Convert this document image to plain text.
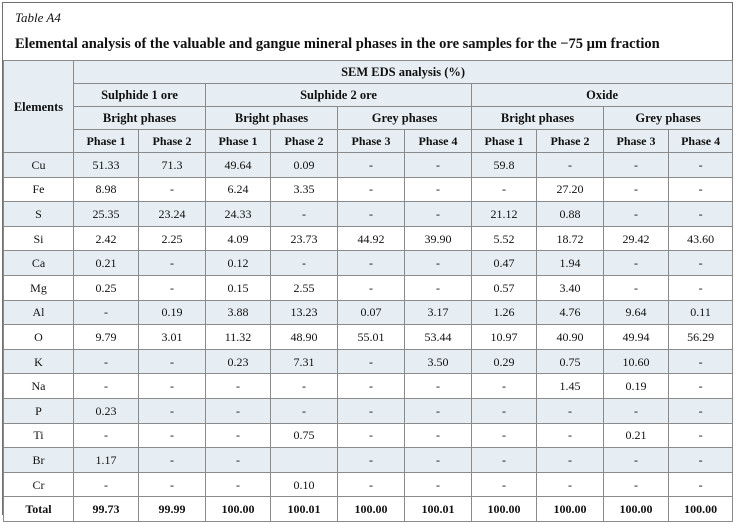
Table A4
Elemental analysis of the valuable and gangue mineral phases in the ore samples for the −75 μm fraction
Elements	SEM EDS analysis (%)									
	Sulphide 1 ore		Sulphide 2 ore				Oxide			
	Bright phases		Bright phases		Grey phases		Bright phases		Grey phases	
	Phase 1	Phase 2	Phase 1	Phase 2	Phase 3	Phase 4	Phase 1	Phase 2	Phase 3	Phase 4
Cu	51.33	71.3	49.64	0.09	-	-	59.8	-	-	-
Fe	8.98	-	6.24	3.35	-	-	-	27.20	-	-
S	25.35	23.24	24.33	-	-	-	21.12	0.88	-	-
Si	2.42	2.25	4.09	23.73	44.92	39.90	5.52	18.72	29.42	43.60
Ca	0.21	-	0.12	-	-	-	0.47	1.94	-	-
Mg	0.25	-	0.15	2.55	-	-	0.57	3.40	-	-
Al	-	0.19	3.88	13.23	0.07	3.17	1.26	4.76	9.64	0.11
O	9.79	3.01	11.32	48.90	55.01	53.44	10.97	40.90	49.94	56.29
K	-	-	0.23	7.31	-	3.50	0.29	0.75	10.60	-
Na	-	-	-	-	-	-	-	1.45	0.19	-
P	0.23	-	-	-	-	-	-	-	-	-
Ti	-	-	-	0.75	-	-	-	-	0.21	-
Br	1.17	-	-		-	-	-	-	-	-
Cr	-	-	-	0.10	-	-	-	-	-	-
Total	99.73	99.99	100.00	100.01	100.00	100.01	100.00	100.00	100.00	100.00
